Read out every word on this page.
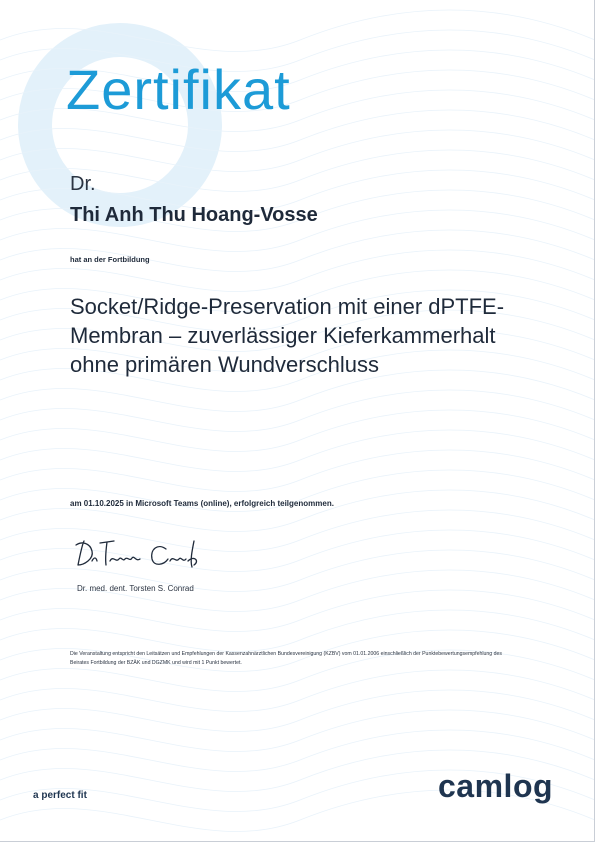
Zertifikat
Dr.
Thi Anh Thu Hoang-Vosse
hat an der Fortbildung

Socket/Ridge-Preservation mit einer dPTFE-Membran – zuverlässiger Kieferkammerhalt ohne primären Wundverschluss

am 01.10.2025 in Microsoft Teams (online), erfolgreich teilgenommen.
Dr. med. dent. Torsten S. Conrad

Die Veranstaltung entspricht den Leitsätzen und Empfehlungen der Kassenzahnärztlichen Bundesvereinigung (KZBV) vom 01.01.2006 einschließlich der Punktebewertungsempfehlung des Beirates Fortbildung der BZÄK und DGZMK und wird mit 1 Punkt bewertet.

a perfect fit	camlog
